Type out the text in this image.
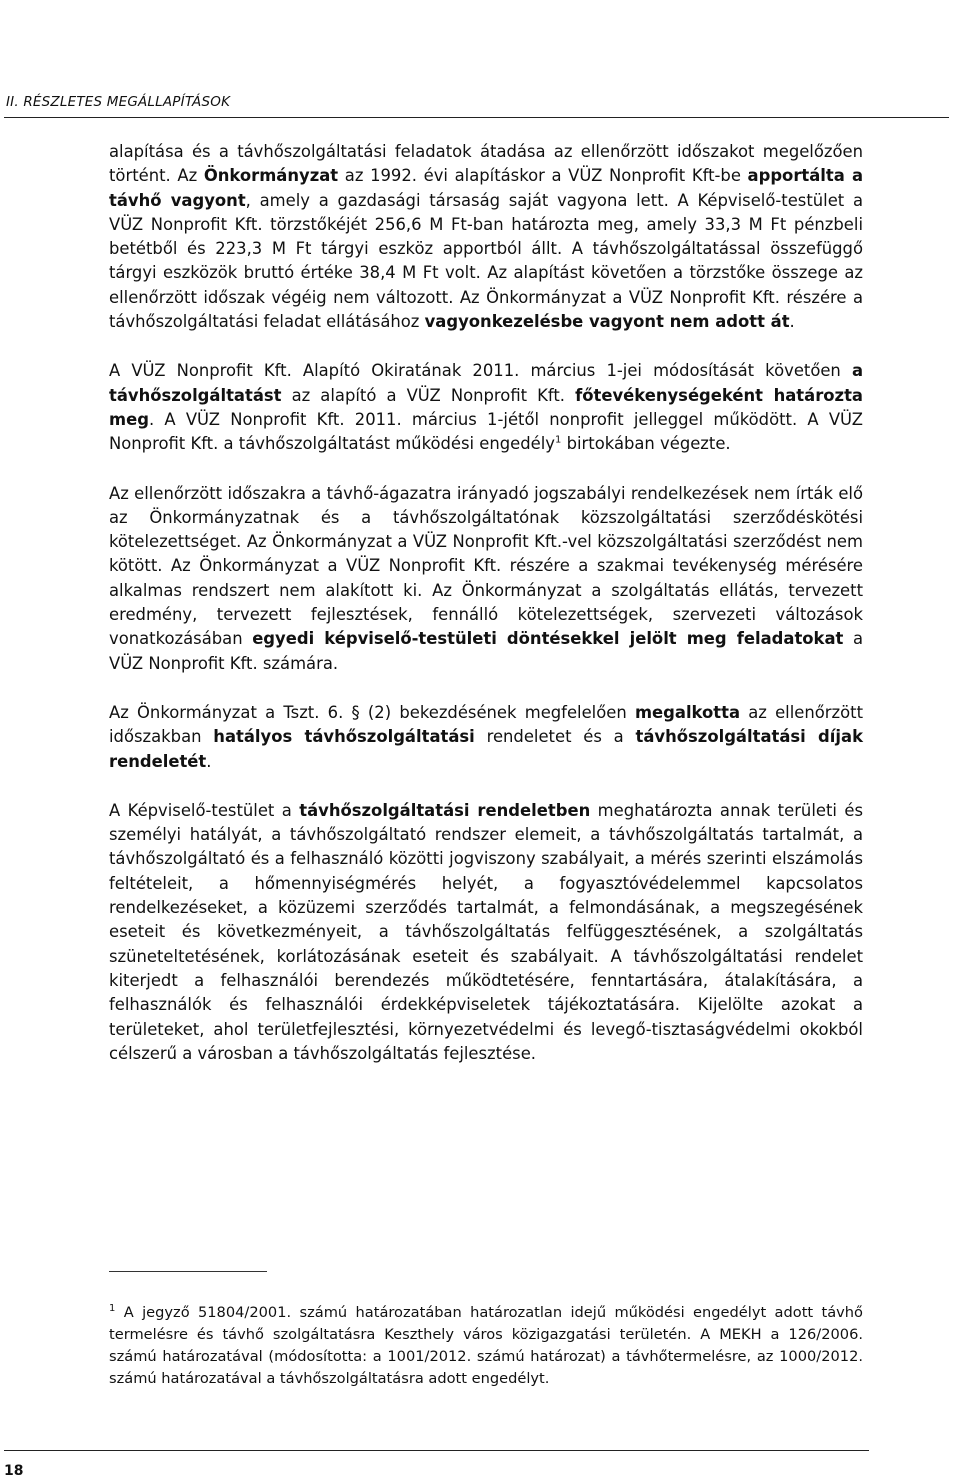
II. RÉSZLETES MEGÁLLAPÍTÁSOK

alapítása és a távhőszolgáltatási feladatok átadása az ellenőrzött időszakot megelőzően történt. Az Önkormányzat az 1992. évi alapításkor a VÜZ Nonprofit Kft-be apportálta a távhő vagyont, amely a gazdasági társaság saját vagyona lett. A Képviselő-testület a VÜZ Nonprofit Kft. törzstőkéjét 256,6 M Ft-ban határozta meg, amely 33,3 M Ft pénzbeli betétből és 223,3 M Ft tárgyi eszköz apportból állt. A távhőszolgáltatással összefüggő tárgyi eszközök bruttó értéke 38,4 M Ft volt. Az alapítást követően a törzstőke összege az ellenőrzött időszak végéig nem változott. Az Önkormányzat a VÜZ Nonprofit Kft. részére a távhőszolgáltatási feladat ellátásához vagyonkezelésbe vagyont nem adott át.

A VÜZ Nonprofit Kft. Alapító Okiratának 2011. március 1-jei módosítását követően a távhőszolgáltatást az alapító a VÜZ Nonprofit Kft. főtevékenységeként határozta meg. A VÜZ Nonprofit Kft. 2011. március 1-jétől nonprofit jelleggel működött. A VÜZ Nonprofit Kft. a távhőszolgáltatást működési engedély$^1$ birtokában végezte.

Az ellenőrzött időszakra a távhő-ágazatra irányadó jogszabályi rendelkezések nem írták elő az Önkormányzatnak és a távhőszolgáltatónak közszolgáltatási szerződéskötési kötelezettséget. Az Önkormányzat a VÜZ Nonprofit Kft.-vel közszolgáltatási szerződést nem kötött. Az Önkormányzat a VÜZ Nonprofit Kft. részére a szakmai tevékenység mérésére alkalmas rendszert nem alakított ki. Az Önkormányzat a szolgáltatás ellátás, tervezett eredmény, tervezett fejlesztések, fennálló kötelezettségek, szervezeti változások vonatkozásában egyedi képviselő-testületi döntésekkel jelölt meg feladatokat a VÜZ Nonprofit Kft. számára.

Az Önkormányzat a Tszt. 6. § (2) bekezdésének megfelelően megalkotta az ellenőrzött időszakban hatályos távhőszolgáltatási rendeletet és a távhőszolgáltatási díjak rendeletét.

A Képviselő-testület a távhőszolgáltatási rendeletben meghatározta annak területi és személyi hatályát, a távhőszolgáltató rendszer elemeit, a távhőszolgáltatás tartalmát, a távhőszolgáltató és a felhasználó közötti jogviszony szabályait, a mérés szerinti elszámolás feltételeit, a hőmennyiségmérés helyét, a fogyasztóvédelemmel kapcsolatos rendelkezéseket, a közüzemi szerződés tartalmát, a felmondásának, a megszegésének eseteit és következményeit, a távhőszolgáltatás felfüggesztésének, a szolgáltatás szüneteltetésének, korlátozásának eseteit és szabályait. A távhőszolgáltatási rendelet kiterjedt a felhasználói berendezés működtetésére, fenntartására, átalakítására, a felhasználók és felhasználói érdekképviseletek tájékoztatására. Kijelölte azokat a területeket, ahol területfejlesztési, környezetvédelmi és levegő-tisztaságvédelmi okokból célszerű a városban a távhőszolgáltatás fejlesztése.

$^1$ A jegyző 51804/2001. számú határozatában határozatlan idejű működési engedélyt adott távhő termelésre és távhő szolgáltatásra Keszthely város közigazgatási területén. A MEKH a 126/2006. számú határozatával (módosította: a 1001/2012. számú határozat) a távhőtermelésre, az 1000/2012. számú határozatával a távhőszolgáltatásra adott engedélyt.

18
